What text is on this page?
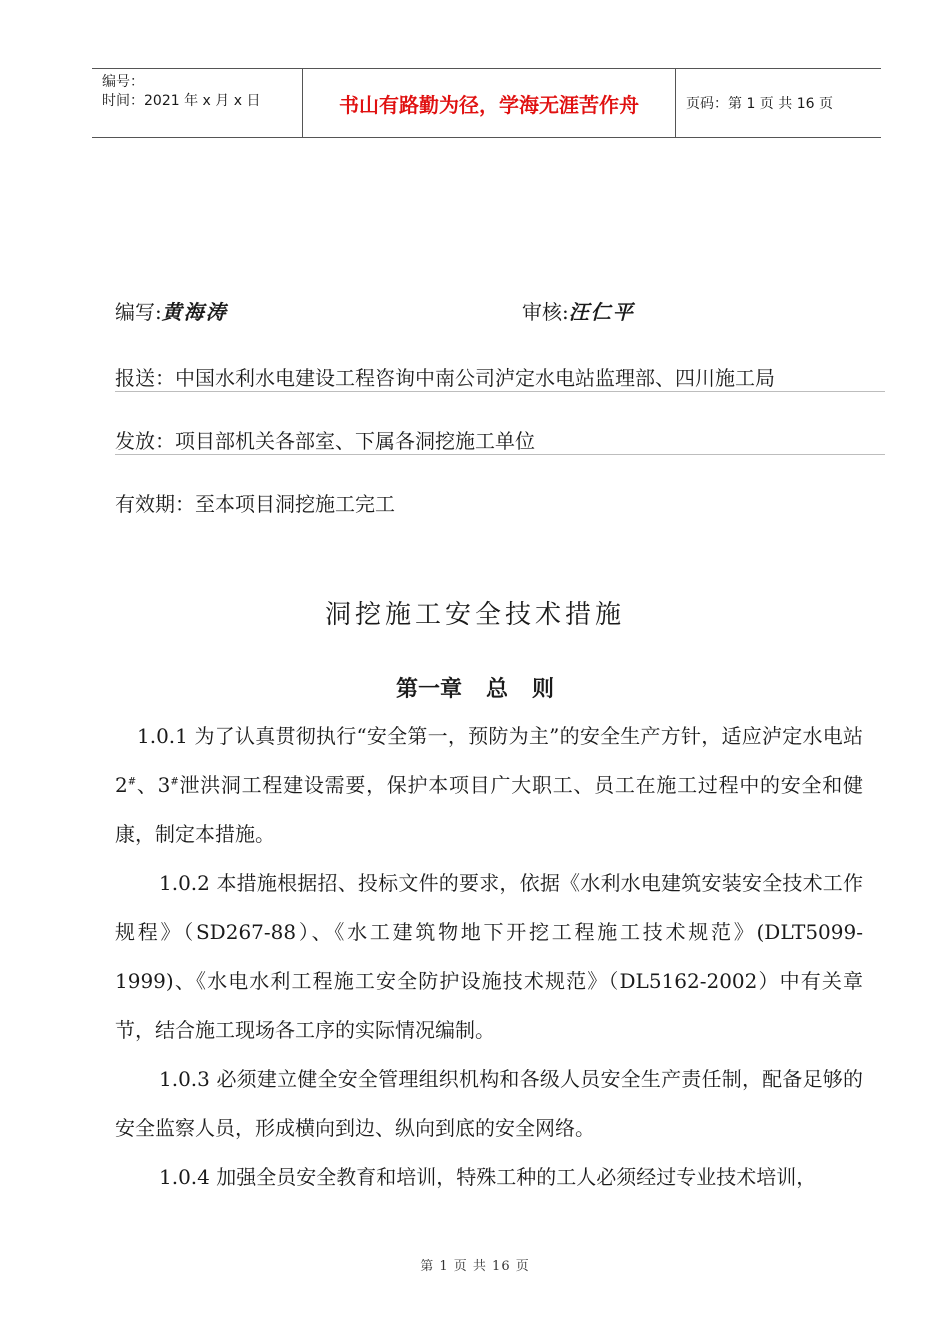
编号：
时间：2021 年 x 月 x 日	书山有路勤为径，学海无涯苦作舟	页码：第 1 页 共 16 页
编写:黄海涛	审核:汪仁平
报送：中国水利水电建设工程咨询中南公司泸定水电站监理部、四川施工局
发放：项目部机关各部室、下属各洞挖施工单位
有效期：至本项目洞挖施工完工
洞挖施工安全技术措施
第一章 总 则

1.0.1 为了认真贯彻执行“安全第一，预防为主”的安全生产方针，适应泸定水电站 2#、3#泄洪洞工程建设需要，保护本项目广大职工、员工在施工过程中的安全和健康，制定本措施。

1.0.2 本措施根据招、投标文件的要求，依据《水利水电建筑安装安全技术工作规程》（SD267-88）、《水工建筑物地下开挖工程施工技术规范》(DLT5099-1999)、《水电水利工程施工安全防护设施技术规范》（DL5162-2002）中有关章节，结合施工现场各工序的实际情况编制。

1.0.3 必须建立健全安全管理组织机构和各级人员安全生产责任制，配备足够的安全监察人员，形成横向到边、纵向到底的安全网络。

1.0.4 加强全员安全教育和培训，特殊工种的工人必须经过专业技术培训，

第 1 页 共 16 页
